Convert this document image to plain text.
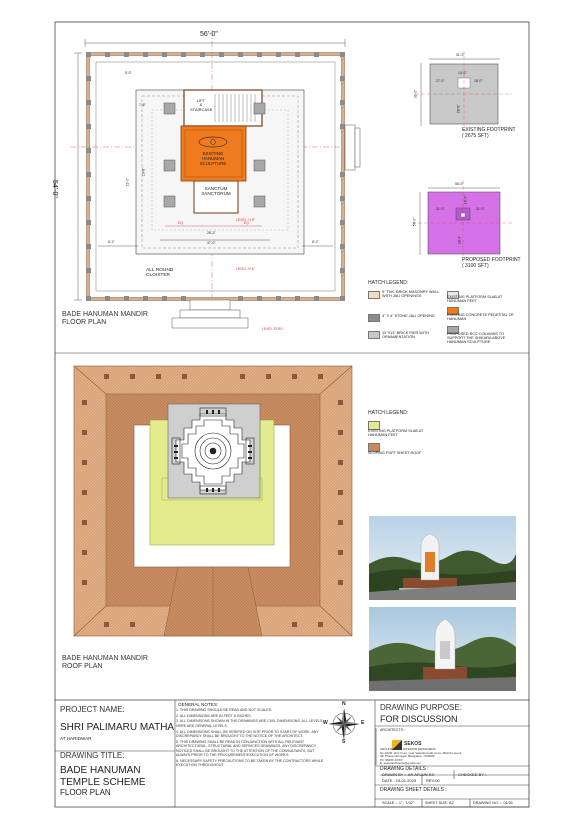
56'-0"
54'-0"
LIFT
&
STAIRCASE
EXISTING
HANUMAN
SCULPTURE
SANCTUM
SANCTORUM
ALL ROUND
CLOISTER
LEVEL +1'6"
LEVEL +0'6"
LEVEL ZERO
EQ	EQ
28'-3"
37'-0"
8'-2"	8'-2"
5'-0"
19'-6"
22'-0"
7'-6"
BADE HANUMAN MANDIR
FLOOR PLAN
31'-3"
32'-2"
14'-6"
27'-0"	18'-0"
28'-9"
EXISTING FOOTPRINT
( 2675 SFT)
56'-0"
54'-0"
21'-0"	21'-0"
16'-2"
28'-3"
PROPOSED FOOTPRINT
( 3100 SFT)
HATCH LEGEND:
9" THK. BRICK MASONRY WALL WITH JALI OPENINGS
4" X 4" STONE JALI OPENING
13"X13" BRICK PIER WITH ORNAMENTATION
EXISTING PLATFORM SLAB AT HANUMAN FEET
EXISTING CONCRETE PEDESTAL OF HANUMAN
PROPOSED RCC COLUMNS TO SUPPORT THE SHIKARA ABOVE HANUMAN SCULPTURE
HATCH LEGEND:
EXISTING PLATFORM SLAB AT HANUMAN FEET
SLOPING PUFF SHEET ROOF
BADE HANUMAN MANDIR
ROOF PLAN
PROJECT NAME:
SHRI PALIMARU MATHA
AT HARIDWAR
DRAWING TITLE:
BADE HANUMAN
TEMPLE SCHEME
FLOOR PLAN
GENERAL NOTES:
1. THIS DRAWING SHOULD BE READ AND NOT SCALED.
2. ALL DIMENSIONS ARE IN FEET & INCHES.
3. ALL DIMENSIONS SHOWN IN THE DRAWINGS ARE CIVIL DIMENSIONS. ALL LEVELS HERE ARE GENERAL LEVELS.
4. ALL DIMENSIONS SHALL BE VERIFIED ON SITE PRIOR TO START OF WORK. ANY DISCREPANCY SHALL BE BROUGHT TO THE NOTICE OF THE ARCHITECT.
5. THIS DRAWING SHALL BE READ IN CONJUNCTION WITH ALL RELEVANT ARCHITECTURAL, STRUCTURAL AND SERVICES DRAWINGS. ANY DISCREPANCY NOTICED SHALL BE BROUGHT TO THE ATTENTION OF THE CONSULTANTS, BUT ALWAYS PRIOR TO THE PROCUREMENT/EXECUTION OF WORKS.
6. NECESSARY SAFETY PRECAUTIONS TO BE TAKEN BY THE CONTRACTORS WHILE EXECUTION THROUGHOUT
N
S
E
W
DRAWING PURPOSE:
FOR DISCUSSION
ARCHITECTS :
SEKOS
ARCHITECTS & INTERIOR DESIGNERS
No.22/46, 2nd cross, near Vasudevmalli cross, MHCS Layout,
4th Phase,Girinagar, Bangalore - 560085
Ph: 98456 XXXX
E: sekosarchitects@gmail.com
DRAWING DETAILS :
DRAWN BY :- AR ARJUN KS	CHECKED BY :-
DATE : 15-01-2025 REV:00
DRAWING SHEET DETAILS :
SCALE :- 1" : 1/32"	SHEET SIZE: A2	DRAWING NO. :- 01/01
